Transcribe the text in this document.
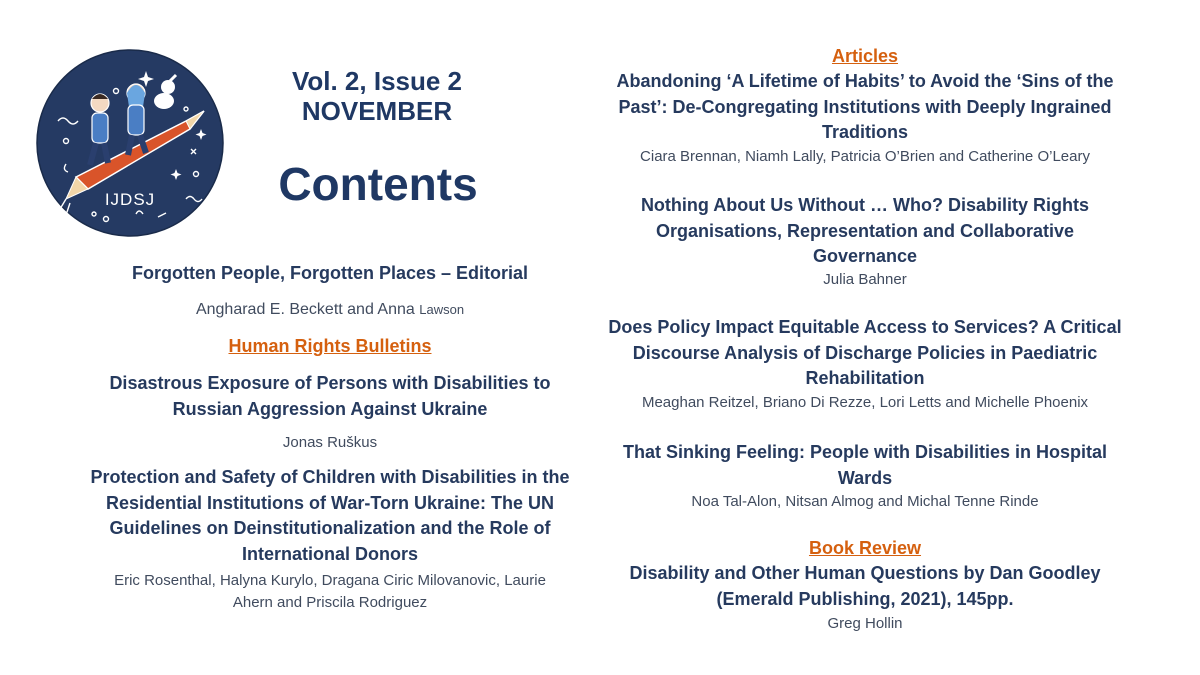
IJDSJ
Vol. 2, Issue 2
NOVEMBER
Contents
Forgotten People, Forgotten Places – Editorial
Angharad E. Beckett and Anna Lawson
Human Rights Bulletins
Disastrous Exposure of Persons with Disabilities to
Russian Aggression Against Ukraine
Jonas Ruškus
Protection and Safety of Children with Disabilities in the
Residential Institutions of War-Torn Ukraine: The UN
Guidelines on Deinstitutionalization and the Role of
International Donors
Eric Rosenthal, Halyna Kurylo, Dragana Ciric Milovanovic, Laurie
Ahern and Priscila Rodriguez
Articles
Abandoning ‘A Lifetime of Habits’ to Avoid the ‘Sins of the
Past’: De-Congregating Institutions with Deeply Ingrained
Traditions
Ciara Brennan, Niamh Lally, Patricia O’Brien and Catherine O’Leary
Nothing About Us Without … Who? Disability Rights
Organisations, Representation and Collaborative
Governance
Julia Bahner
Does Policy Impact Equitable Access to Services? A Critical
Discourse Analysis of Discharge Policies in Paediatric
Rehabilitation
Meaghan Reitzel, Briano Di Rezze, Lori Letts and Michelle Phoenix
That Sinking Feeling: People with Disabilities in Hospital
Wards
Noa Tal-Alon, Nitsan Almog and Michal Tenne Rinde
Book Review
Disability and Other Human Questions by Dan Goodley
(Emerald Publishing, 2021), 145pp.
Greg Hollin
